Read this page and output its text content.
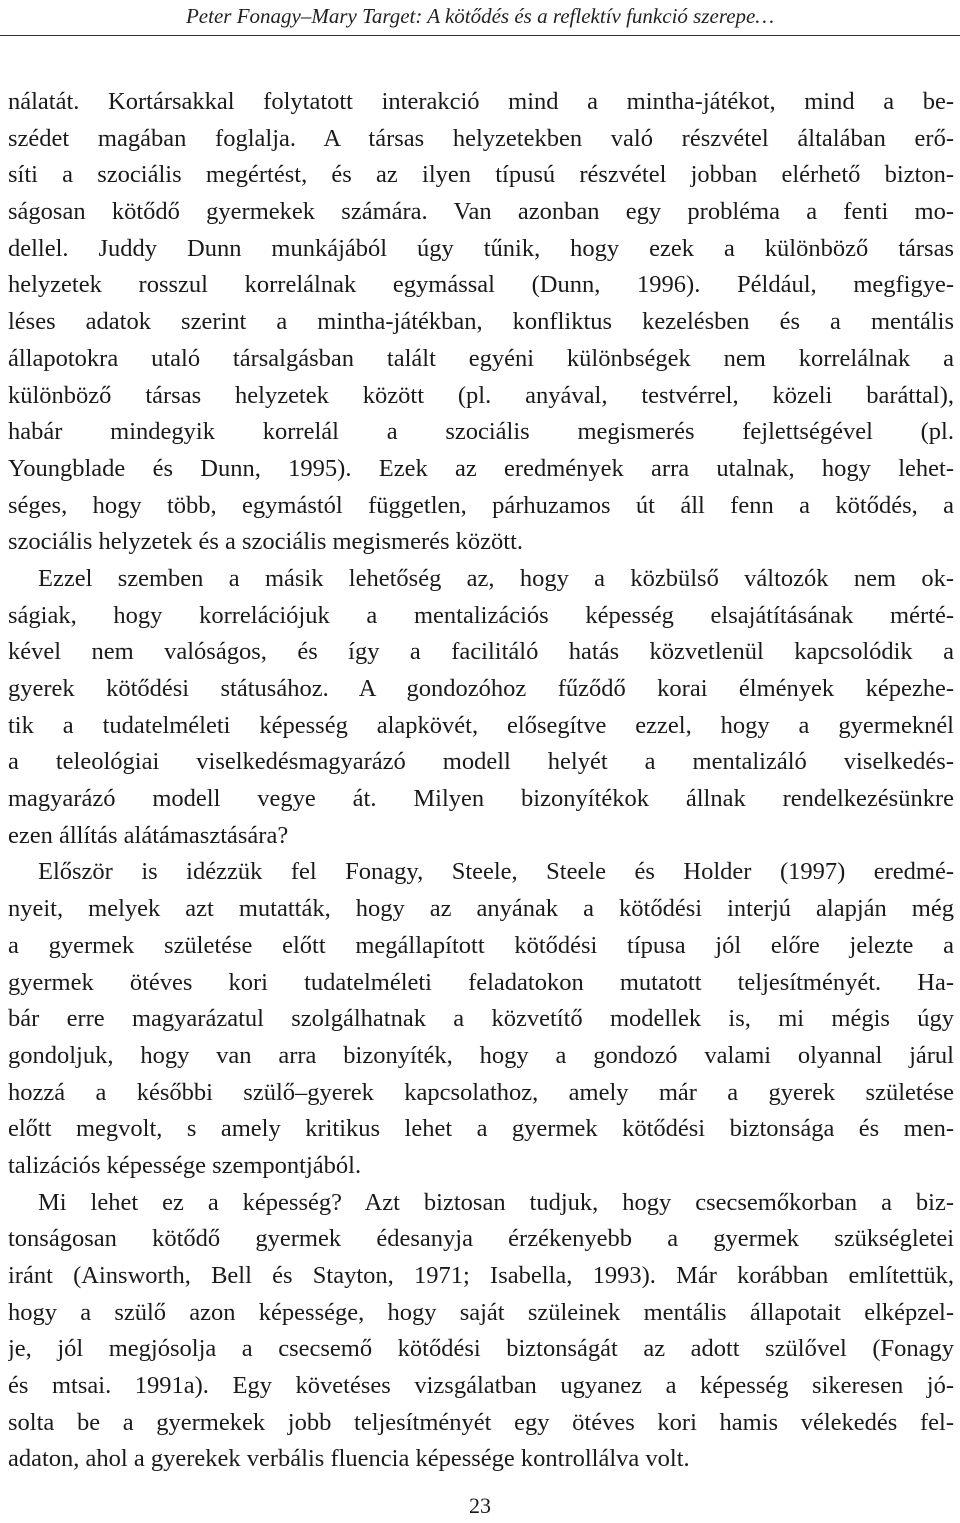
Peter Fonagy–Mary Target: A kötődés és a reflektív funkció szerepe…
nálatát. Kortársakkal folytatott interakció mind a mintha-játékot, mind a be-
szédet magában foglalja. A társas helyzetekben való részvétel általában erő-
síti a szociális megértést, és az ilyen típusú részvétel jobban elérhető bizton-
ságosan kötődő gyermekek számára. Van azonban egy probléma a fenti mo-
dellel. Juddy Dunn munkájából úgy tűnik, hogy ezek a különböző társas
helyzetek rosszul korrelálnak egymással (Dunn, 1996). Például, megfigye-
léses adatok szerint a mintha-játékban, konfliktus kezelésben és a mentális
állapotokra utaló társalgásban talált egyéni különbségek nem korrelálnak a
különböző társas helyzetek között (pl. anyával, testvérrel, közeli baráttal),
habár mindegyik korrelál a szociális megismerés fejlettségével (pl.
Youngblade és Dunn, 1995). Ezek az eredmények arra utalnak, hogy lehet-
séges, hogy több, egymástól független, párhuzamos út áll fenn a kötődés, a
szociális helyzetek és a szociális megismerés között.
Ezzel szemben a másik lehetőség az, hogy a közbülső változók nem ok-
ságiak, hogy korrelációjuk a mentalizációs képesség elsajátításának mérté-
kével nem valóságos, és így a facilitáló hatás közvetlenül kapcsolódik a
gyerek kötődési státusához. A gondozóhoz fűződő korai élmények képezhe-
tik a tudatelméleti képesség alapkövét, elősegítve ezzel, hogy a gyermeknél
a teleológiai viselkedésmagyarázó modell helyét a mentalizáló viselkedés-
magyarázó modell vegye át. Milyen bizonyítékok állnak rendelkezésünkre
ezen állítás alátámasztására?
Először is idézzük fel Fonagy, Steele, Steele és Holder (1997) eredmé-
nyeit, melyek azt mutatták, hogy az anyának a kötődési interjú alapján még
a gyermek születése előtt megállapított kötődési típusa jól előre jelezte a
gyermek ötéves kori tudatelméleti feladatokon mutatott teljesítményét. Ha-
bár erre magyarázatul szolgálhatnak a közvetítő modellek is, mi mégis úgy
gondoljuk, hogy van arra bizonyíték, hogy a gondozó valami olyannal járul
hozzá a későbbi szülő–gyerek kapcsolathoz, amely már a gyerek születése
előtt megvolt, s amely kritikus lehet a gyermek kötődési biztonsága és men-
talizációs képessége szempontjából.
Mi lehet ez a képesség? Azt biztosan tudjuk, hogy csecsemőkorban a biz-
tonságosan kötődő gyermek édesanyja érzékenyebb a gyermek szükségletei
iránt (Ainsworth, Bell és Stayton, 1971; Isabella, 1993). Már korábban említettük,
hogy a szülő azon képessége, hogy saját szüleinek mentális állapotait elképzel-
je, jól megjósolja a csecsemő kötődési biztonságát az adott szülővel (Fonagy
és mtsai. 1991a). Egy követéses vizsgálatban ugyanez a képesség sikeresen jó-
solta be a gyermekek jobb teljesítményét egy ötéves kori hamis vélekedés fel-
adaton, ahol a gyerekek verbális fluencia képessége kontrollálva volt.
23
